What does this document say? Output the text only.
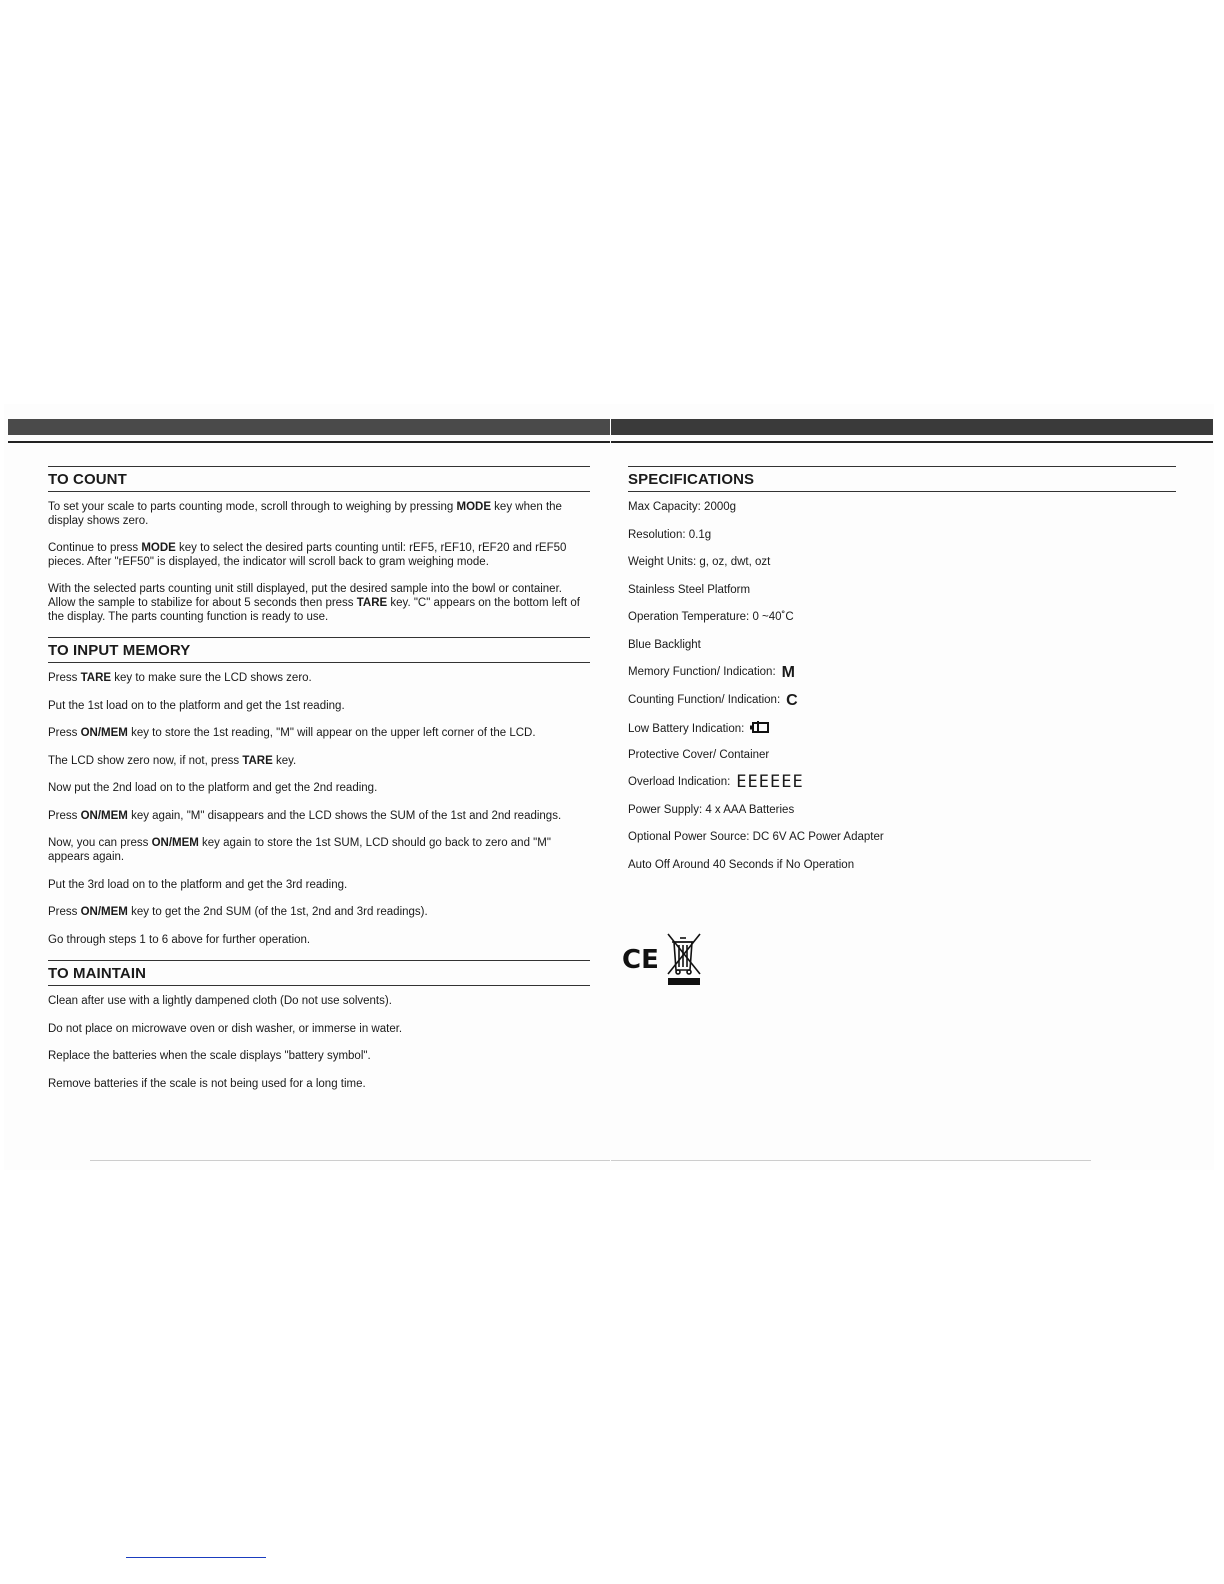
TO COUNT

To set your scale to parts counting mode, scroll through to weighing by pressing MODE key when the display shows zero.

Continue to press MODE key to select the desired parts counting until: rEF5, rEF10, rEF20 and rEF50 pieces. After "rEF50" is displayed, the indicator will scroll back to gram weighing mode.

With the selected parts counting unit still displayed, put the desired sample into the bowl or container. Allow the sample to stabilize for about 5 seconds then press TARE key. "C" appears on the bottom left of the display. The parts counting function is ready to use.

TO INPUT MEMORY

Press TARE key to make sure the LCD shows zero.

Put the 1st load on to the platform and get the 1st reading.

Press ON/MEM key to store the 1st reading, "M" will appear on the upper left corner of the LCD.

The LCD show zero now, if not, press TARE key.

Now put the 2nd load on to the platform and get the 2nd reading.

Press ON/MEM key again, "M" disappears and the LCD shows the SUM of the 1st and 2nd readings.

Now, you can press ON/MEM key again to store the 1st SUM, LCD should go back to zero and "M" appears again.

Put the 3rd load on to the platform and get the 3rd reading.

Press ON/MEM key to get the 2nd SUM (of the 1st, 2nd and 3rd readings).

Go through steps 1 to 6 above for further operation.

TO MAINTAIN

Clean after use with a lightly dampened cloth (Do not use solvents).

Do not place on microwave oven or dish washer, or immerse in water.

Replace the batteries when the scale displays "battery symbol".

Remove batteries if the scale is not being used for a long time.

SPECIFICATIONS
Max Capacity: 2000g
Resolution: 0.1g
Weight Units: g, oz, dwt, ozt
Stainless Steel Platform
Operation Temperature: 0 ~40˚C
Blue Backlight
Memory Function/ Indication: M
Counting Function/ Indication: C
Low Battery Indication:
Protective Cover/ Container
Overload Indication: EEEEEE
Power Supply: 4 x AAA Batteries
Optional Power Source: DC 6V AC Power Adapter
Auto Off Around 40 Seconds if No Operation
CE
